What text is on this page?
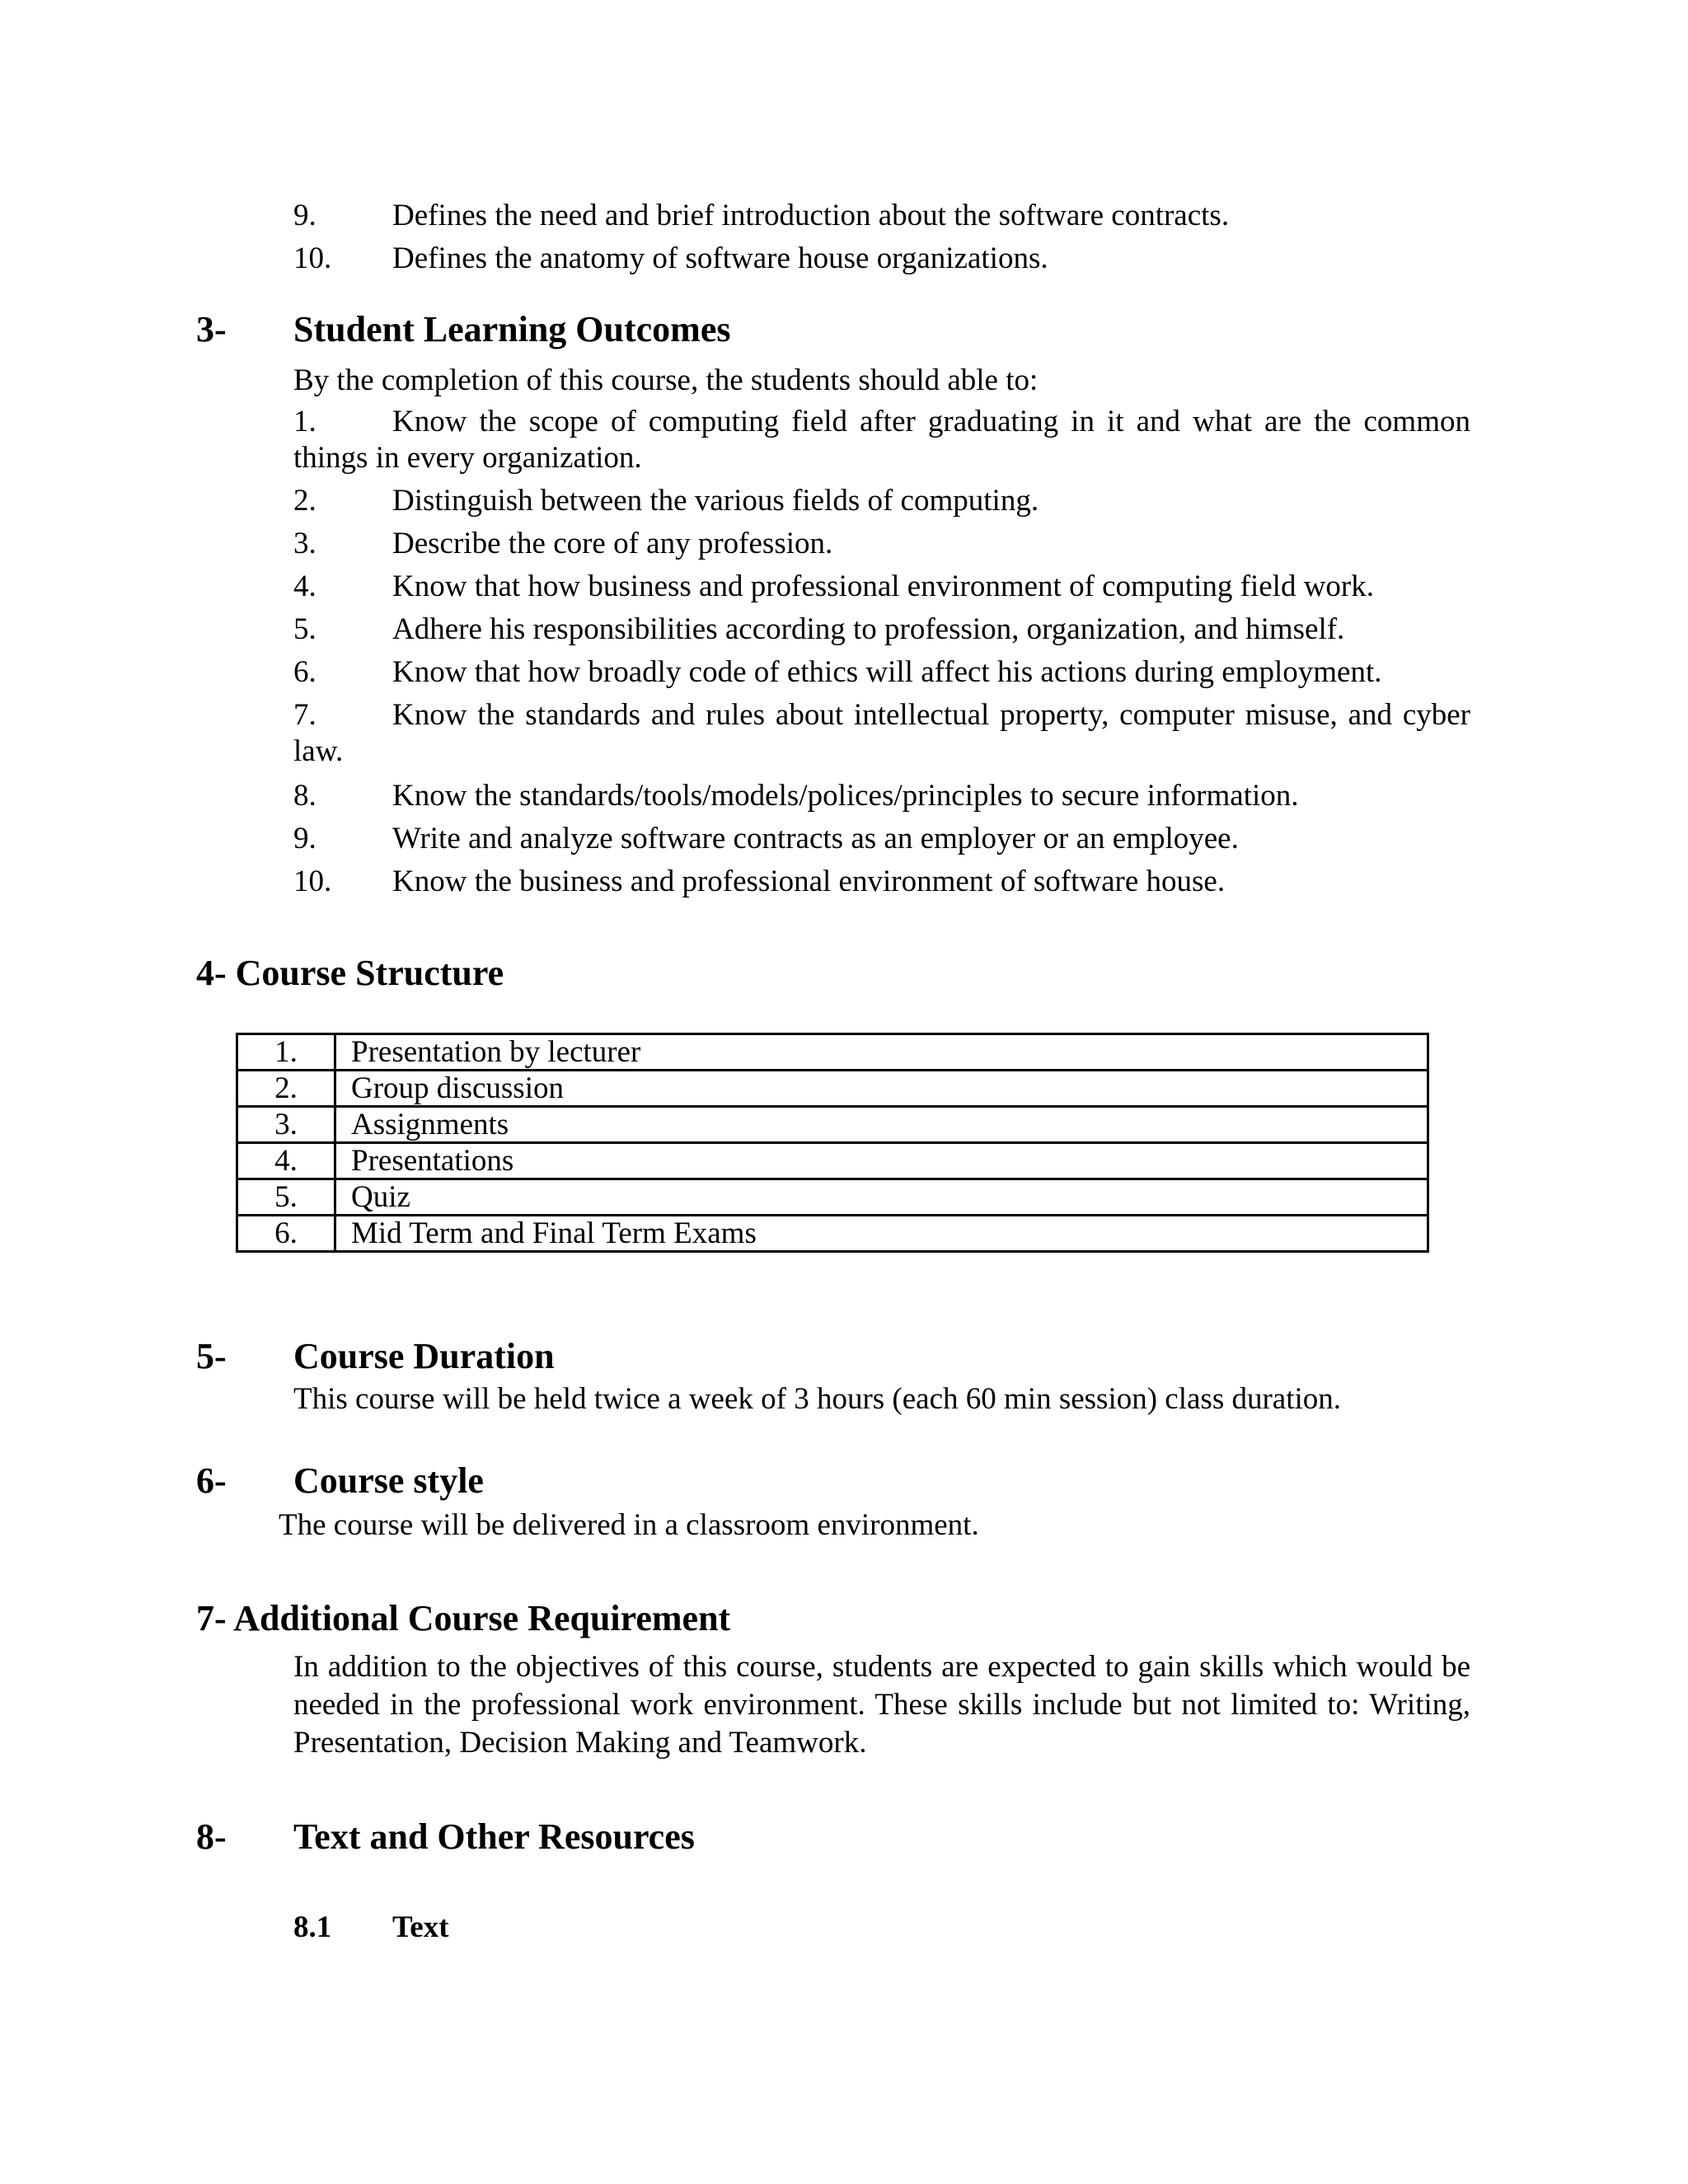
9. Defines the need and brief introduction about the software contracts.
10. Defines the anatomy of software house organizations.
3- Student Learning Outcomes
By the completion of this course, the students should able to:
1.	Know the scope of computing field after graduating in it and what are the common things in every organization.
2. Distinguish between the various fields of computing.
3. Describe the core of any profession.
4. Know that how business and professional environment of computing field work.
5. Adhere his responsibilities according to profession, organization, and himself.
6. Know that how broadly code of ethics will affect his actions during employment.
7.	Know the standards and rules about intellectual property, computer misuse, and cyber law.
8. Know the standards/tools/models/polices/principles to secure information.
9. Write and analyze software contracts as an employer or an employee.
10. Know the business and professional environment of software house.
4- Course Structure
1.	Presentation by lecturer
2.	Group discussion
3.	Assignments
4.	Presentations
5.	Quiz
6.	Mid Term and Final Term Exams
5- Course Duration
This course will be held twice a week of 3 hours (each 60 min session) class duration.
6- Course style
The course will be delivered in a classroom environment.
7- Additional Course Requirement
In addition to the objectives of this course, students are expected to gain skills which would be needed in the professional work environment. These skills include but not limited to: Writing, Presentation, Decision Making and Teamwork.
8- Text and Other Resources
8.1 Text
